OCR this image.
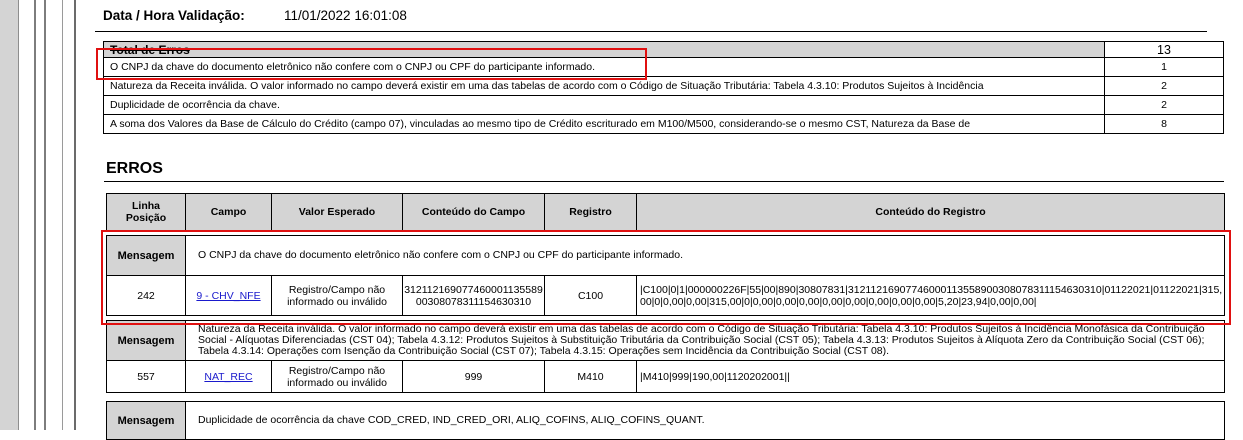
Data / Hora Validação:	11/01/2022 16:01:08
Total de Erros	13
O CNPJ da chave do documento eletrônico não confere com o CNPJ ou CPF do participante informado.	1
Natureza da Receita inválida. O valor informado no campo deverá existir em uma das tabelas de acordo com o Código de Situação Tributária: Tabela 4.3.10: Produtos Sujeitos à Incidência	2
Duplicidade de ocorrência da chave.	2
A soma dos Valores da Base de Cálculo do Crédito (campo 07), vinculadas ao mesmo tipo de Crédito escriturado em M100/M500, considerando-se o mesmo CST, Natureza da Base de	8
ERROS
Linha
Posição	Campo	Valor Esperado	Conteúdo do Campo	Registro	Conteúdo do Registro

Mensagem	O CNPJ da chave do documento eletrônico não confere com o CNPJ ou CPF do participante informado.				
242	9 - CHV_NFE	Registro/Campo não informado ou inválido	31211216907746000113558900308078311154630310	C100	|C100|0|1|000000226F|55|00|890|30807831|31211216907746000113558900308078311154630310|01122021|01122021|315,00|0|0,00|0,00|315,00|0|0,00|0,00|0,00|0,00|0,00|0,00|0,00|0,00|5,20|23,94|0,00|0,00|

Mensagem	Natureza da Receita inválida. O valor informado no campo deverá existir em uma das tabelas de acordo com o Código de Situação Tributária: Tabela 4.3.10: Produtos Sujeitos à Incidência Monofásica da Contribuição Social - Alíquotas Diferenciadas (CST 04); Tabela 4.3.12: Produtos Sujeitos à Substituição Tributária da Contribuição Social (CST 05); Tabela 4.3.13: Produtos Sujeitos à Alíquota Zero da Contribuição Social (CST 06); Tabela 4.3.14: Operações com Isenção da Contribuição Social (CST 07); Tabela 4.3.15: Operações sem Incidência da Contribuição Social (CST 08).				
557	NAT_REC	Registro/Campo não informado ou inválido	999	M410	|M410|999|190,00|1120202001||

Mensagem	Duplicidade de ocorrência da chave COD_CRED, IND_CRED_ORI, ALIQ_COFINS, ALIQ_COFINS_QUANT.				
